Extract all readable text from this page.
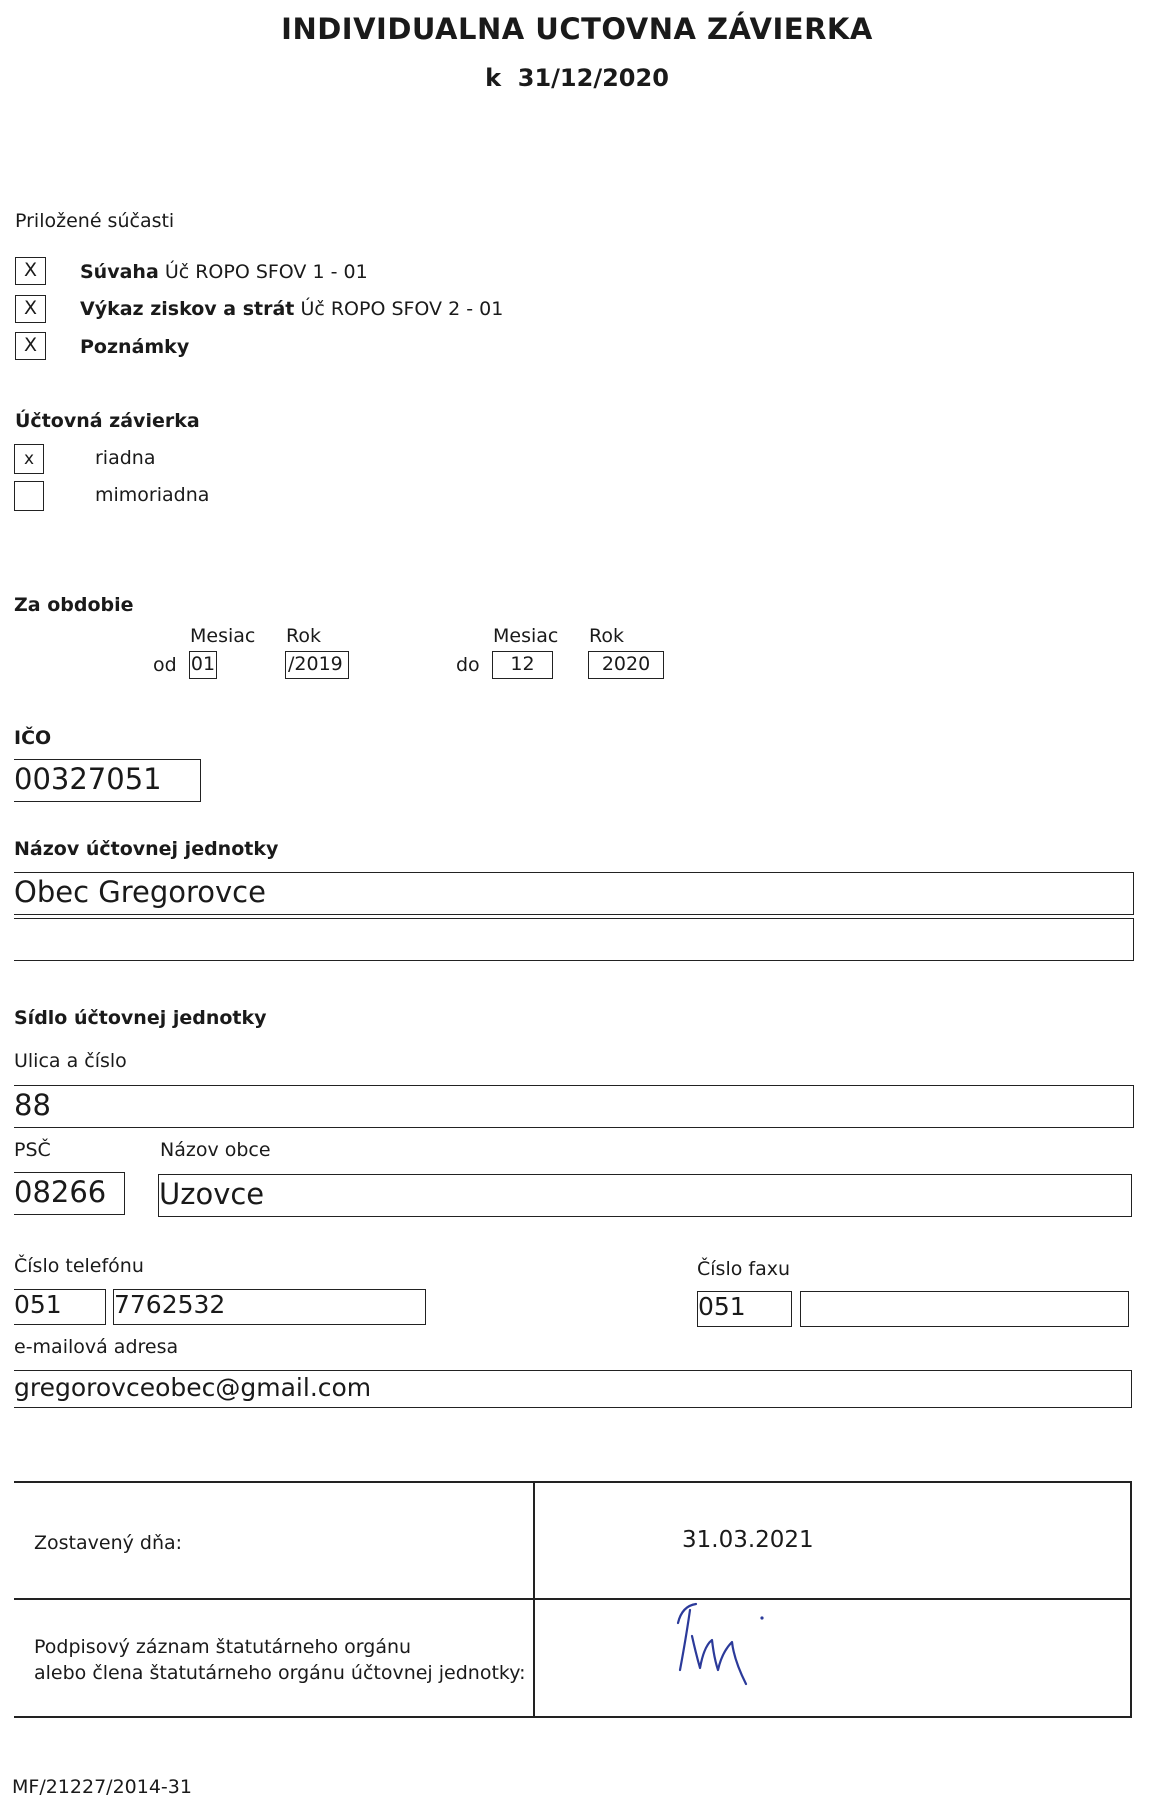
INDIVIDUALNA UCTOVNA ZÁVIERKA
k  31/12/2020
Priložené súčasti
X	Súvaha Úč ROPO SFOV 1 - 01
X	Výkaz ziskov a strát Úč ROPO SFOV 2 - 01
X	Poznámky
Účtovná závierka
x	riadna
mimoriadna
Za obdobie
Mesiac Rok	Mesiac Rok
od 01	/2019	do	12	2020
IČO
00327051
Názov účtovnej jednotky
Obec Gregorovce
Sídlo účtovnej jednotky
Ulica a číslo
88
PSČ	Názov obce
08266	Uzovce
Číslo telefónu	Číslo faxu
051	7762532	051
e-mailová adresa
gregorovceobec@gmail.com
Zostavený dňa:	31.03.2021
Podpisový záznam štatutárneho orgánu
alebo člena štatutárneho orgánu účtovnej jednotky:
MF/21227/2014-31
